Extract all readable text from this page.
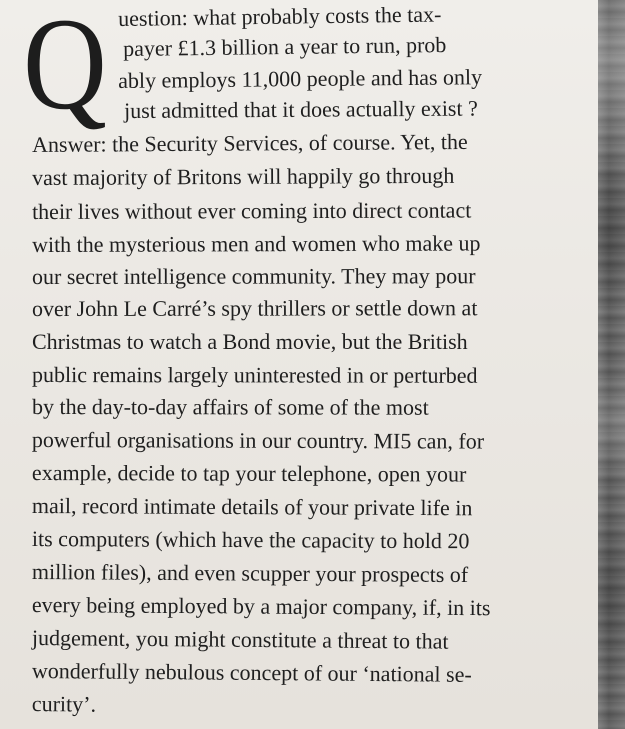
Q uestion: what probably costs the tax-

payer £1.3 billion a year to run, prob

ably employs 11,000 people and has only

just admitted that it does actually exist ?

Answer: the Security Services, of course. Yet, the

vast majority of Britons will happily go through

their lives without ever coming into direct contact

with the mysterious men and women who make up

our secret intelligence community. They may pour

over John Le Carré’s spy thrillers or settle down at

Christmas to watch a Bond movie, but the British

public remains largely uninterested in or perturbed

by the day-to-day affairs of some of the most

powerful organisations in our country. MI5 can, for

example, decide to tap your telephone, open your

mail, record intimate details of your private life in

its computers (which have the capacity to hold 20

million files), and even scupper your prospects of

every being employed by a major company, if, in its

judgement, you might constitute a threat to that

wonderfully nebulous concept of our ‘national se-

curity’.
